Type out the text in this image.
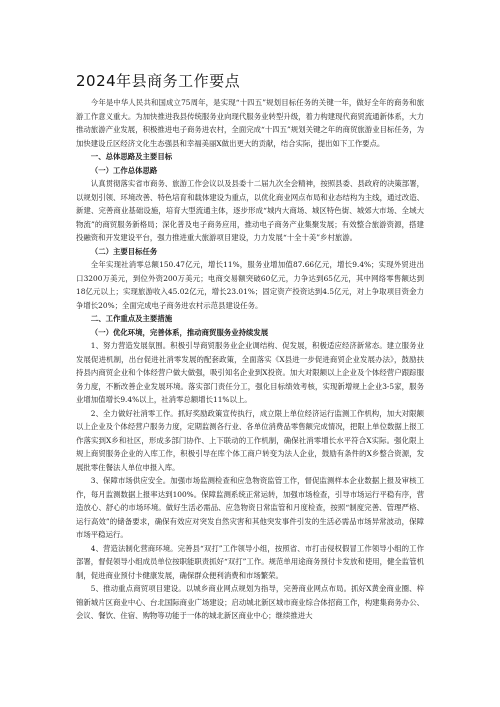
2024年县商务工作要点

今年是中华人民共和国成立75周年，是实现“十四五”规划目标任务的关键一年，做好全年的商务和旅游工作意义重大。为加快推进我县传统服务业向现代服务业转型升级，着力构建现代商贸流通新体系，大力推动旅游产业发展，积极推进电子商务进农村，全面完成“十四五”规划关键之年的商贸旅游业目标任务，为加快建设丘区经济文化生态强县和幸福美丽X做出更大的贡献，结合实际，提出如下工作要点。

一、总体思路及主要目标
（一）工作总体思路

认真贯彻落实省市商务、旅游工作会议以及县委十二届九次全会精神，按照县委、县政府的决策部署，以规划引领、环境改善、特色培育和载体建设为重点，以优化商业网点布局和业态结构为主线，通过改造、新建、完善商业基础设施，培育大型流通主体，逐步形成“城内大商场、城区特色街、城郊大市场、全域大物流”的商贸服务新格局；深化普及电子商务应用，推动电子商务产业集聚发展；有效整合旅游资源，搭建投融资和开发建设平台，强力推进重大旅游项目建设，力力发展“十全十美”乡村旅游。

（二）主要目标任务

全年实现社消零总额150.47亿元，增长11%，服务业增加值87.66亿元，增长9.4%；实现外贸进出口3200万美元，到位外资200万美元；电商交易额突破60亿元，力争达到65亿元，其中网络零售额达到18亿元以上；实现旅游收入45.02亿元，增长23.01%；固定资产投资达到4.5亿元，对上争取项目资金力争增长20%；全面完成电子商务进农村示范县建设任务。

二、工作重点及主要措施
（一）优化环境，完善体系，推动商贸服务业持续发展

1、努力营造发展氛围。积极引导商贸服务业企业调结构、促发展，积极适应经济新常态。建立服务业发展促进机制，出台促进社消零发展的配套政策，全面落实《X县进一步促进商贸企业发展办法》，鼓励扶持县内商贸企业和个体经营户做大做强，吸引知名企业到X投资。加大对限额以上企业及个体经营户跟踪服务力度，不断改善企业发展环境。落实部门责任分工，强化目标绩效考核，实现新增规上企业3-5家，服务业增加值增长9.4%以上，社消零总额增长11%以上。

2、全力做好社消零工作。抓好奖励政策宣传执行，成立限上单位经济运行监测工作机构，加大对限额以上企业及个体经营户服务力度，定期监测各行业、各单位消费品零售额完成情况，把限上单位数据上报工作落实到X乡和社区，形成多部门协作、上下联动的工作机制，确保社消零增长水平符合X实际。强化限上规上商贸服务企业的入库工作，积极引导在库个体工商户转变为法人企业，鼓励有条件的X乡整合资源，发展批零住餐法人单位申报入库。

3、保障市场供应安全。加强市场监测检查和应急物资监管工作，督促监测样本企业数据上报及审核工作，每月监测数据上报率达到100%。保障监测系统正常运转，加强市场检查，引导市场运行平稳有序，营造放心、舒心的市场环境。做好生活必需品、应急物资日常监管和月度检查，按照“制度完善、管理严格、运行高效”的储备要求，确保有效应对突发自然灾害和其他突发事件引发的生活必需品市场异常波动，保障市场平稳运行。

4、营造法制化营商环境。完善县“双打”工作领导小组，按照省、市打击侵权假冒工作领导小组的工作部署，督促领导小组成员单位按职能职责抓好“双打”工作。规范单用途商务预付卡发放和使用，健全监管机制，促进商业预付卡健康发展，确保群众便利消费和市场繁荣。

5、推动重点商贸项目建设。以城乡商业网点规划为指导，完善商业网点布局。抓好X黄金商业圈、梓锦新城片区商业中心、台北国际商业广场建设；启动城北新区城市商业综合体招商工作，构建集商务办公、会议、餐饮、住宿、购物等功能于一体的城北新区商业中心；继续推进大
